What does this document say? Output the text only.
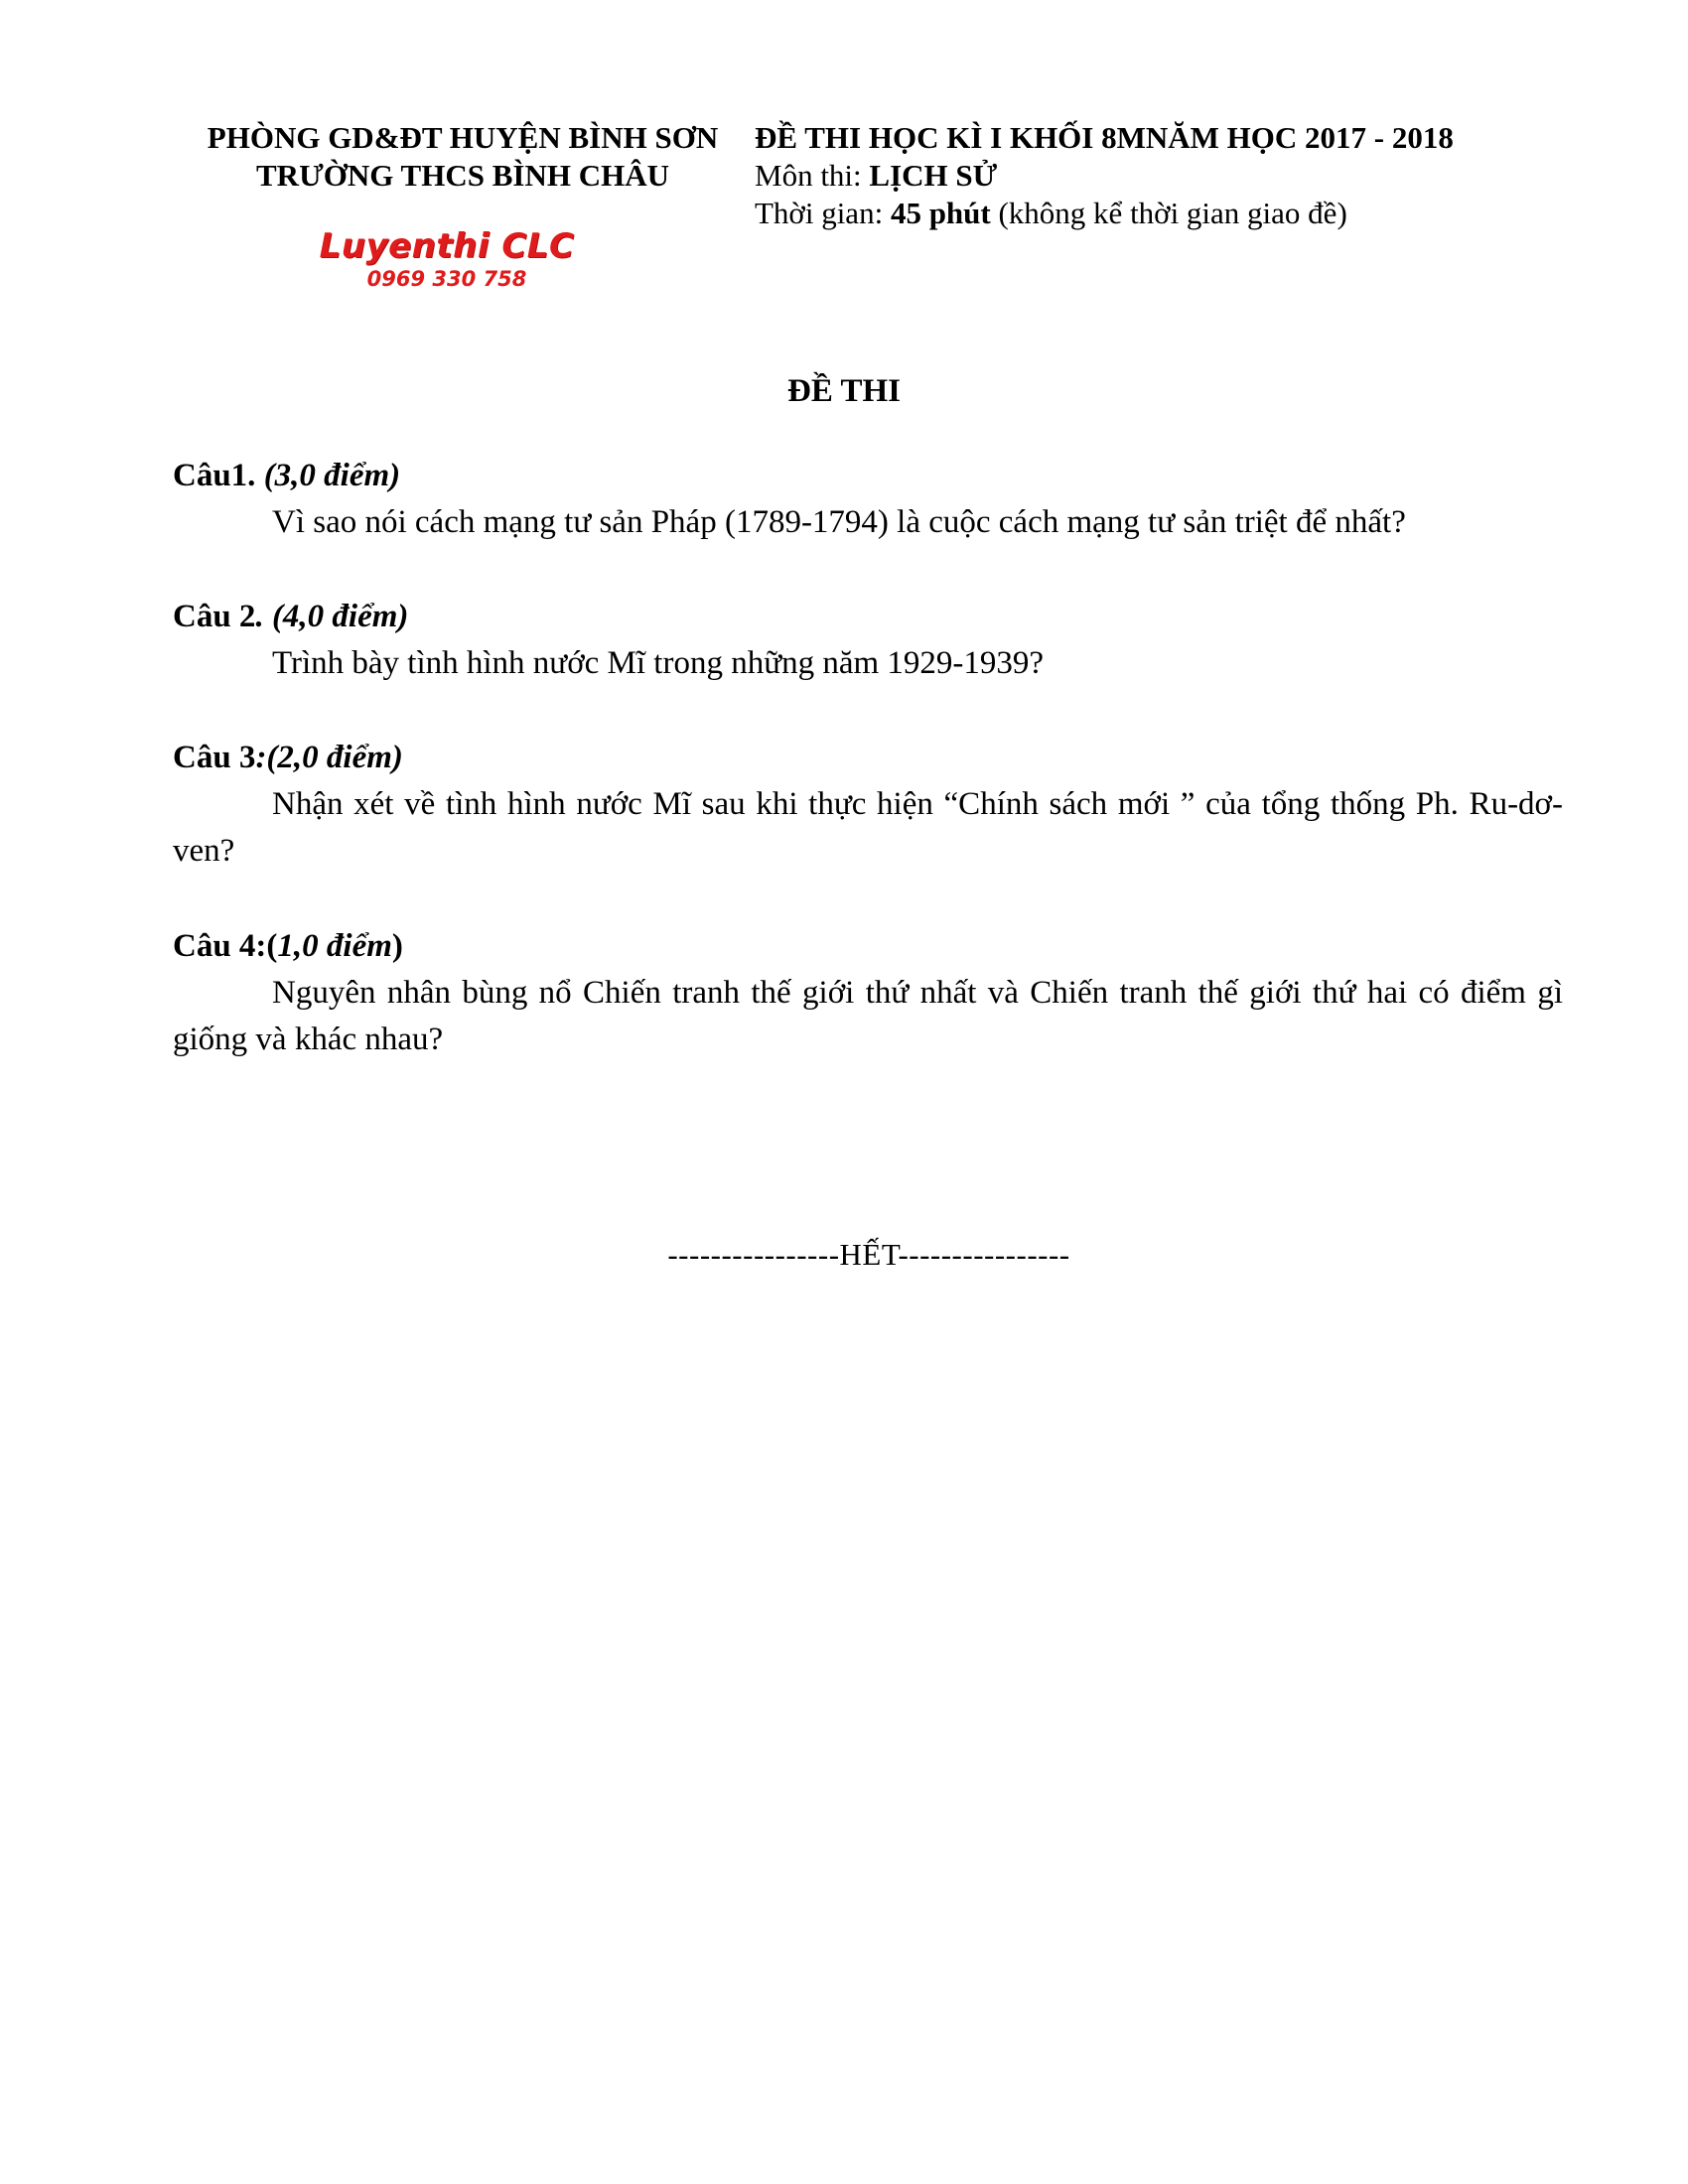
PHÒNG GD&ĐT HUYỆN BÌNH SƠN
TRƯỜNG THCS BÌNH CHÂU
ĐỀ THI HỌC KÌ I KHỐI 8MNĂM HỌC 2017 - 2018
Môn thi: LỊCH SỬ
Thời gian: 45 phút (không kể thời gian giao đề)
Luyenthi CLC
0969 330 758
ĐỀ THI
Câu1. (3,0 điểm)
Vì sao nói cách mạng tư sản Pháp (1789-1794) là cuộc cách mạng tư sản triệt để nhất?
Câu 2. (4,0 điểm)
Trình bày tình hình nước Mĩ trong những năm 1929-1939?
Câu 3:(2,0 điểm)
Nhận xét về tình hình nước Mĩ sau khi thực hiện “Chính sách mới ” của tổng thống Ph. Ru-dơ-ven?
Câu 4:(1,0 điểm)
Nguyên nhân bùng nổ Chiến tranh thế giới thứ nhất và Chiến tranh thế giới thứ hai có điểm gì giống và khác nhau?
----------------HẾT----------------
